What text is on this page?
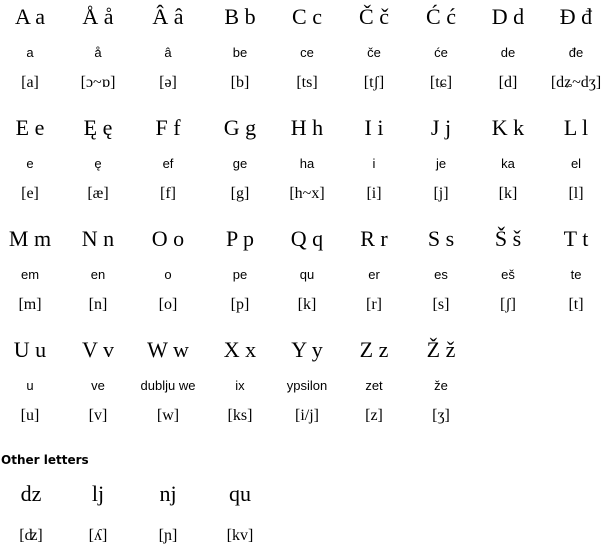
A a
a
[a]
Å å
å
[ɔ~ɒ]
Â â
â
[ə]
B b
be
[b]
C c
ce
[ts]
Č č
če
[tʃ]
Ć ć
će
[tɕ]
D d
de
[d]
Đ đ
đe
[dʑ~dʒ]
E e
e
[e]
Ę ę
ę
[æ]
F f
ef
[f]
G g
ge
[g]
H h
ha
[h~x]
I i
i
[i]
J j
je
[j]
K k
ka
[k]
L l
el
[l]
M m
em
[m]
N n
en
[n]
O o
o
[o]
P p
pe
[p]
Q q
qu
[k]
R r
er
[r]
S s
es
[s]
Š š
eš
[ʃ]
T t
te
[t]
U u
u
[u]
V v
ve
[v]
W w
dublju we
[w]
X x
ix
[ks]
Y y
ypsilon
[i/j]
Z z
zet
[z]
Ž ž
že
[ʒ]
Other letters
dz
[ʣ]
lj
[ʎ]
nj
[ɲ]
qu
[kv]
